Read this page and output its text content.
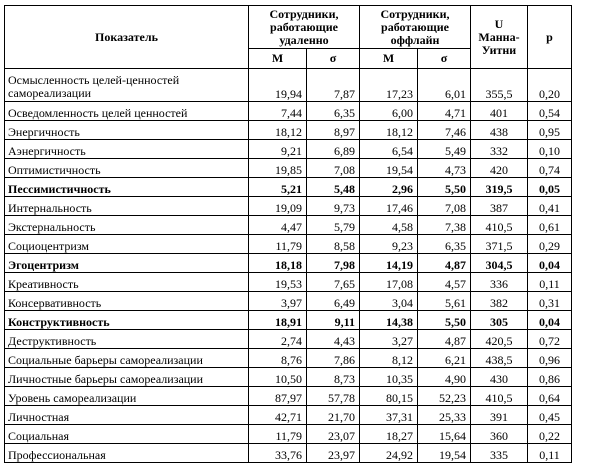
Показатель	Сотрудники, работающие удаленно		Сотрудники, работающие оффлайн		U Манна-Уитни	p
	M	σ	M	σ		
Осмысленность целей-ценностей самореализации	19,94	7,87	17,23	6,01	355,5	0,20
Осведомленность целей ценностей	7,44	6,35	6,00	4,71	401	0,54
Энергичность	18,12	8,97	18,12	7,46	438	0,95
Аэнергичность	9,21	6,89	6,54	5,49	332	0,10
Оптимистичность	19,85	7,08	19,54	4,73	420	0,74
Пессимистичность	5,21	5,48	2,96	5,50	319,5	0,05
Интернальность	19,09	9,73	17,46	7,08	387	0,41
Экстернальность	4,47	5,79	4,58	7,38	410,5	0,61
Социоцентризм	11,79	8,58	9,23	6,35	371,5	0,29
Эгоцентризм	18,18	7,98	14,19	4,87	304,5	0,04
Креативность	19,53	7,65	17,08	4,57	336	0,11
Консервативность	3,97	6,49	3,04	5,61	382	0,31
Конструктивность	18,91	9,11	14,38	5,50	305	0,04
Деструктивность	2,74	4,43	3,27	4,87	420,5	0,72
Социальные барьеры самореализации	8,76	7,86	8,12	6,21	438,5	0,96
Личностные барьеры самореализации	10,50	8,73	10,35	4,90	430	0,86
Уровень самореализации	87,97	57,78	80,15	52,23	410,5	0,64
Личностная	42,71	21,70	37,31	25,33	391	0,45
Социальная	11,79	23,07	18,27	15,64	360	0,22
Профессиональная	33,76	23,97	24,92	19,54	335	0,11
